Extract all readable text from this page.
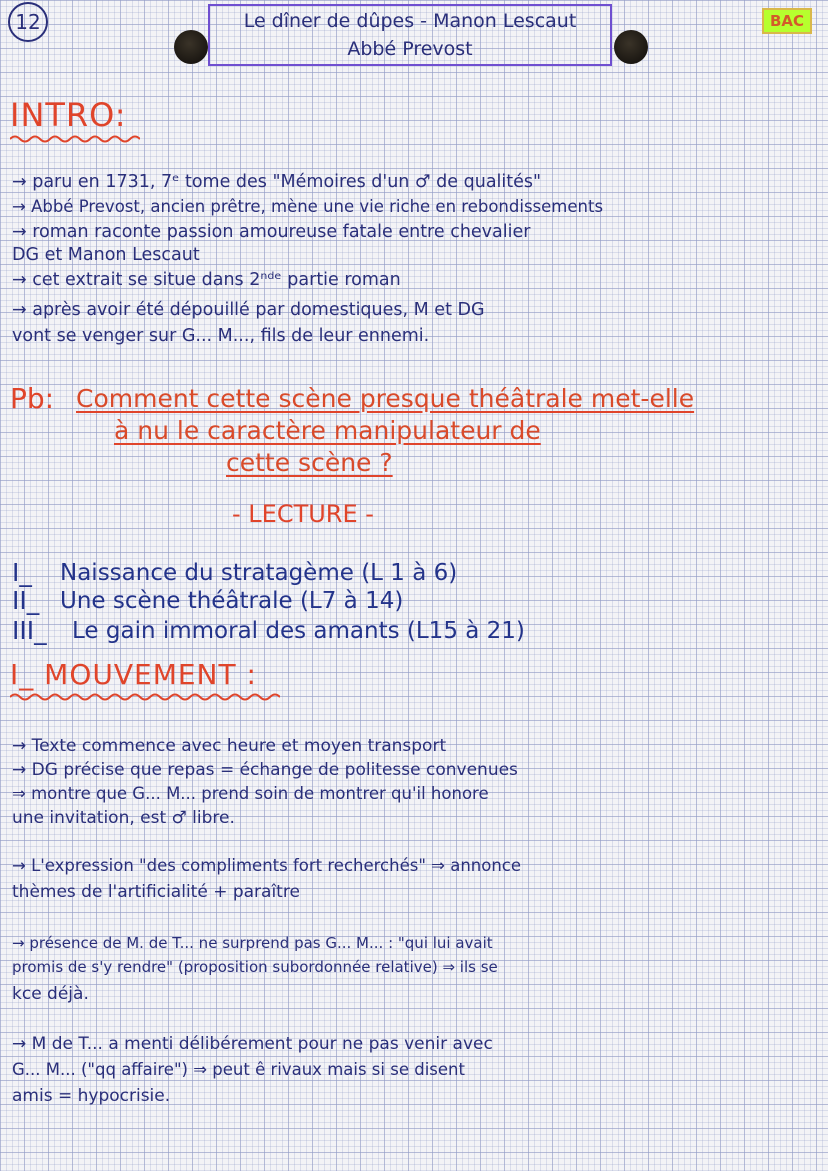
12	Le dîner de dûpes - Manon Lescaut
Abbé Prevost
BAC
INTRO:
→ paru en 1731, 7ᵉ tome des "Mémoires d'un ♂ de qualités"
→ Abbé Prevost, ancien prêtre, mène une vie riche en rebondissements
→ roman raconte passion amoureuse fatale entre chevalier
DG et Manon Lescaut
→ cet extrait se situe dans 2ⁿᵈᵉ partie roman
→ après avoir été dépouillé par domestiques, M et DG
vont se venger sur G... M..., fils de leur ennemi.
Pb: Comment cette scène presque théâtrale met-elle
à nu le caractère manipulateur de
cette scène ?
- LECTURE -
I_ Naissance du stratagème (L 1 à 6)
II_ Une scène théâtrale (L7 à 14)
III_ Le gain immoral des amants (L15 à 21)
I_ MOUVEMENT :
→ Texte commence avec heure et moyen transport
→ DG précise que repas = échange de politesse convenues
⇒ montre que G... M... prend soin de montrer qu'il honore
une invitation, est ♂ libre.
→ L'expression "des compliments fort recherchés" ⇒ annonce
thèmes de l'artificialité + paraître
→ présence de M. de T... ne surprend pas G... M... : "qui lui avait
promis de s'y rendre" (proposition subordonnée relative) ⇒ ils se
kce déjà.
→ M de T... a menti délibérement pour ne pas venir avec
G... M... ("qq affaire") ⇒ peut ê rivaux mais si se disent
amis = hypocrisie.
